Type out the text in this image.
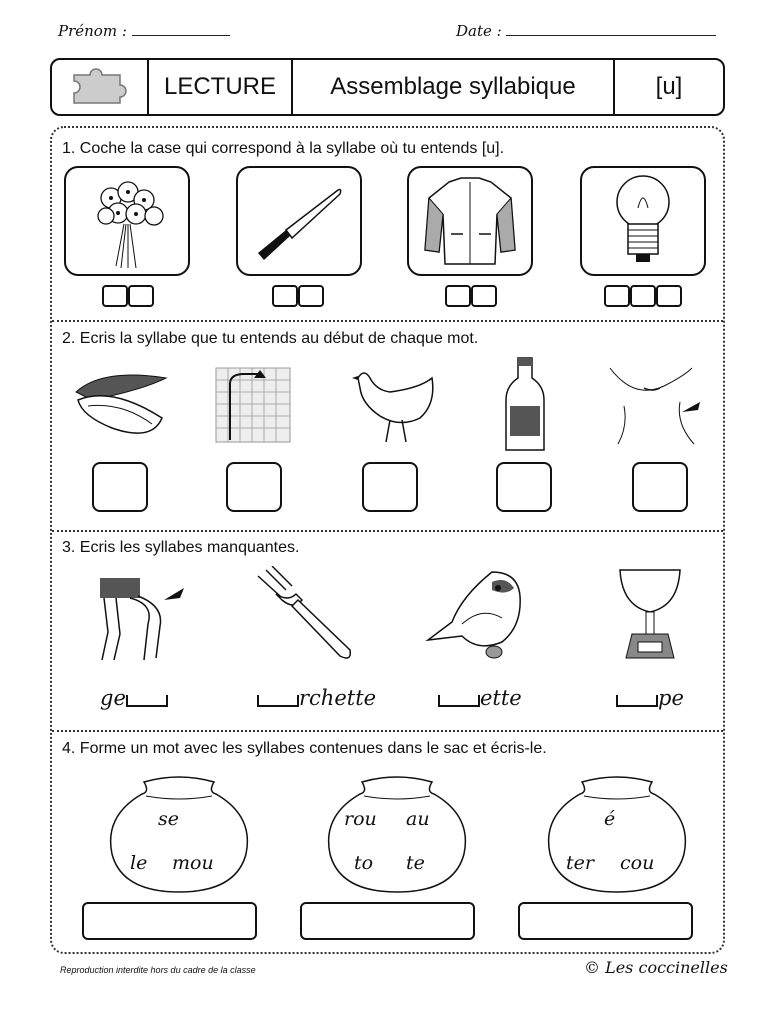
Prénom :	Date :
LECTURE	Assemblage syllabique	[u]
1. Coche la case qui correspond à la syllabe où tu entends [u].
2. Ecris la syllabe que tu entends au début de chaque mot.
3. Ecris les syllabes manquantes.
ge	rchette	ette	pe
4. Forme un mot avec les syllabes contenues dans le sac et écris-le.
se
le mou
rou au
to te
é
ter cou
Reproduction interdite hors du cadre de la classe	© Les coccinelles
